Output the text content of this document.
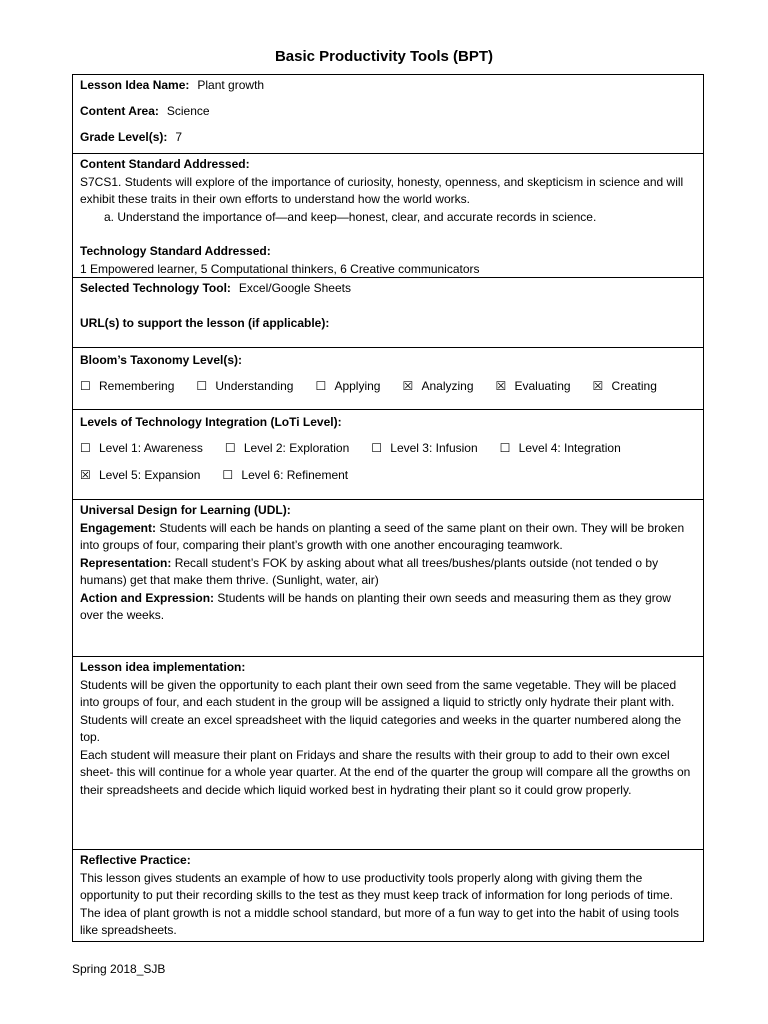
Basic Productivity Tools (BPT)
Lesson Idea Name: Plant growth
Content Area: Science
Grade Level(s): 7

Content Standard Addressed:

S7CS1. Students will explore of the importance of curiosity, honesty, openness, and skepticism in science and will exhibit these traits in their own efforts to understand how the world works.

a. Understand the importance of—and keep—honest, clear, and accurate records in science.

Technology Standard Addressed:

1 Empowered learner, 5 Computational thinkers, 6 Creative communicators

Selected Technology Tool: Excel/Google Sheets

URL(s) to support the lesson (if applicable):

Bloom’s Taxonomy Level(s):

☐ Remembering ☐ Understanding ☐ Applying ☒ Analyzing ☒ Evaluating ☒ Creating

Levels of Technology Integration (LoTi Level):

☐ Level 1: Awareness ☐ Level 2: Exploration ☐ Level 3: Infusion ☐ Level 4: Integration
☒ Level 5: Expansion ☐ Level 6: Refinement

Universal Design for Learning (UDL):

Engagement: Students will each be hands on planting a seed of the same plant on their own. They will be broken into groups of four, comparing their plant’s growth with one another encouraging teamwork.

Representation: Recall student’s FOK by asking about what all trees/bushes/plants outside (not tended o by humans) get that make them thrive. (Sunlight, water, air)

Action and Expression: Students will be hands on planting their own seeds and measuring them as they grow over the weeks.

Lesson idea implementation:

Students will be given the opportunity to each plant their own seed from the same vegetable. They will be placed into groups of four, and each student in the group will be assigned a liquid to strictly only hydrate their plant with. Students will create an excel spreadsheet with the liquid categories and weeks in the quarter numbered along the top.

Each student will measure their plant on Fridays and share the results with their group to add to their own excel sheet- this will continue for a whole year quarter. At the end of the quarter the group will compare all the growths on their spreadsheets and decide which liquid worked best in hydrating their plant so it could grow properly.

Reflective Practice:

This lesson gives students an example of how to use productivity tools properly along with giving them the opportunity to put their recording skills to the test as they must keep track of information for long periods of time. The idea of plant growth is not a middle school standard, but more of a fun way to get into the habit of using tools like spreadsheets.

Spring 2018_SJB
